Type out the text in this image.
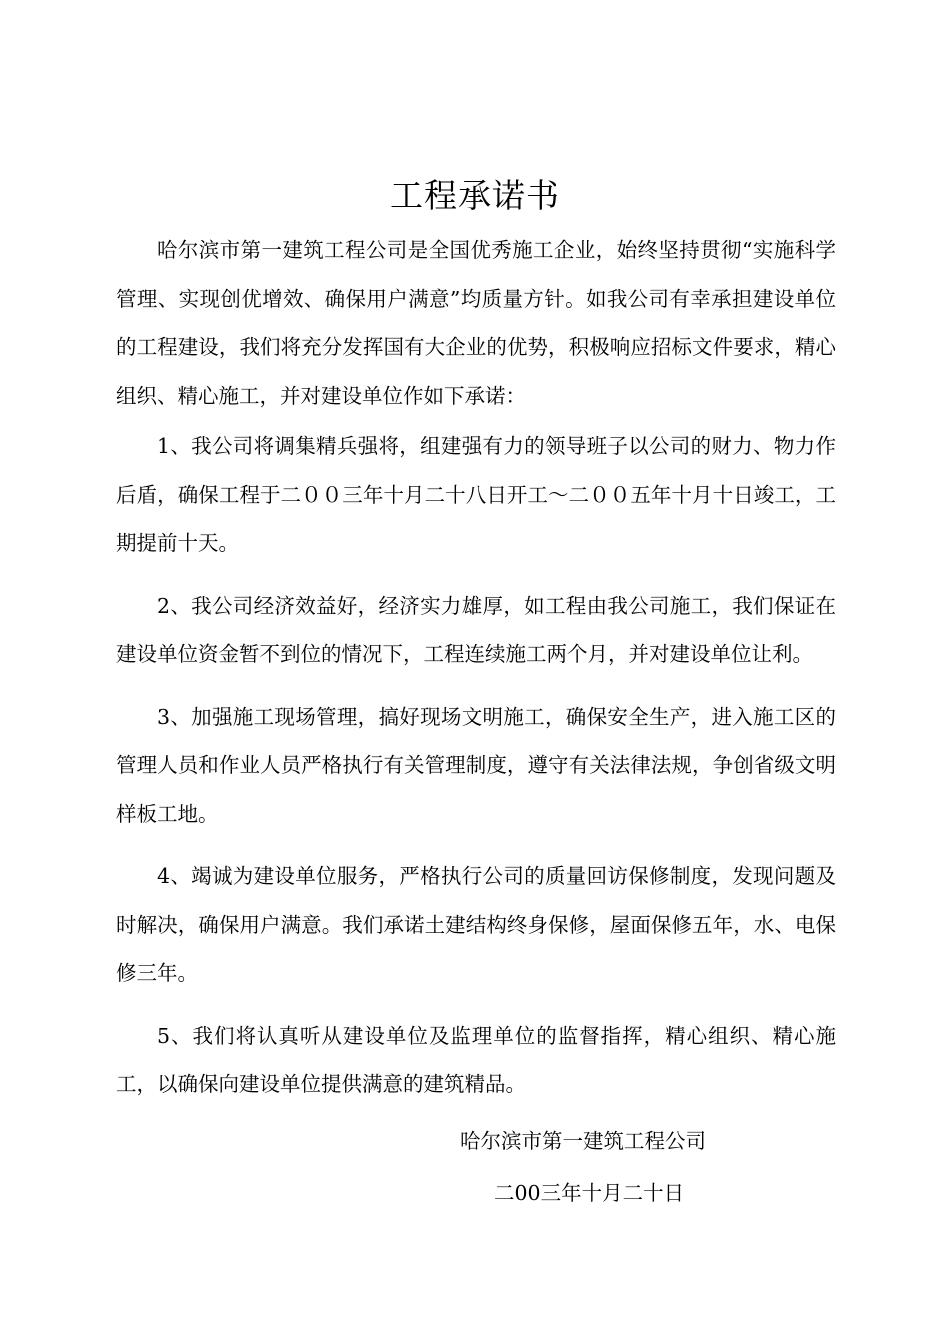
工程承诺书

哈尔滨市第一建筑工程公司是全国优秀施工企业，始终坚持贯彻“实施科学管理、实现创优增效、确保用户满意”均质量方针。如我公司有幸承担建设单位的工程建设，我们将充分发挥国有大企业的优势，积极响应招标文件要求，精心组织、精心施工，并对建设单位作如下承诺：

1、我公司将调集精兵强将，组建强有力的领导班子以公司的财力、物力作后盾，确保工程于二００三年十月二十八日开工～二００五年十月十日竣工，工期提前十天。

2、我公司经济效益好，经济实力雄厚，如工程由我公司施工，我们保证在建设单位资金暂不到位的情况下，工程连续施工两个月，并对建设单位让利。

3、加强施工现场管理，搞好现场文明施工，确保安全生产，进入施工区的管理人员和作业人员严格执行有关管理制度，遵守有关法律法规，争创省级文明样板工地。

4、竭诚为建设单位服务，严格执行公司的质量回访保修制度，发现问题及时解决，确保用户满意。我们承诺土建结构终身保修，屋面保修五年，水、电保修三年。

5、我们将认真听从建设单位及监理单位的监督指挥，精心组织、精心施工，以确保向建设单位提供满意的建筑精品。

哈尔滨市第一建筑工程公司
二00三年十月二十日
